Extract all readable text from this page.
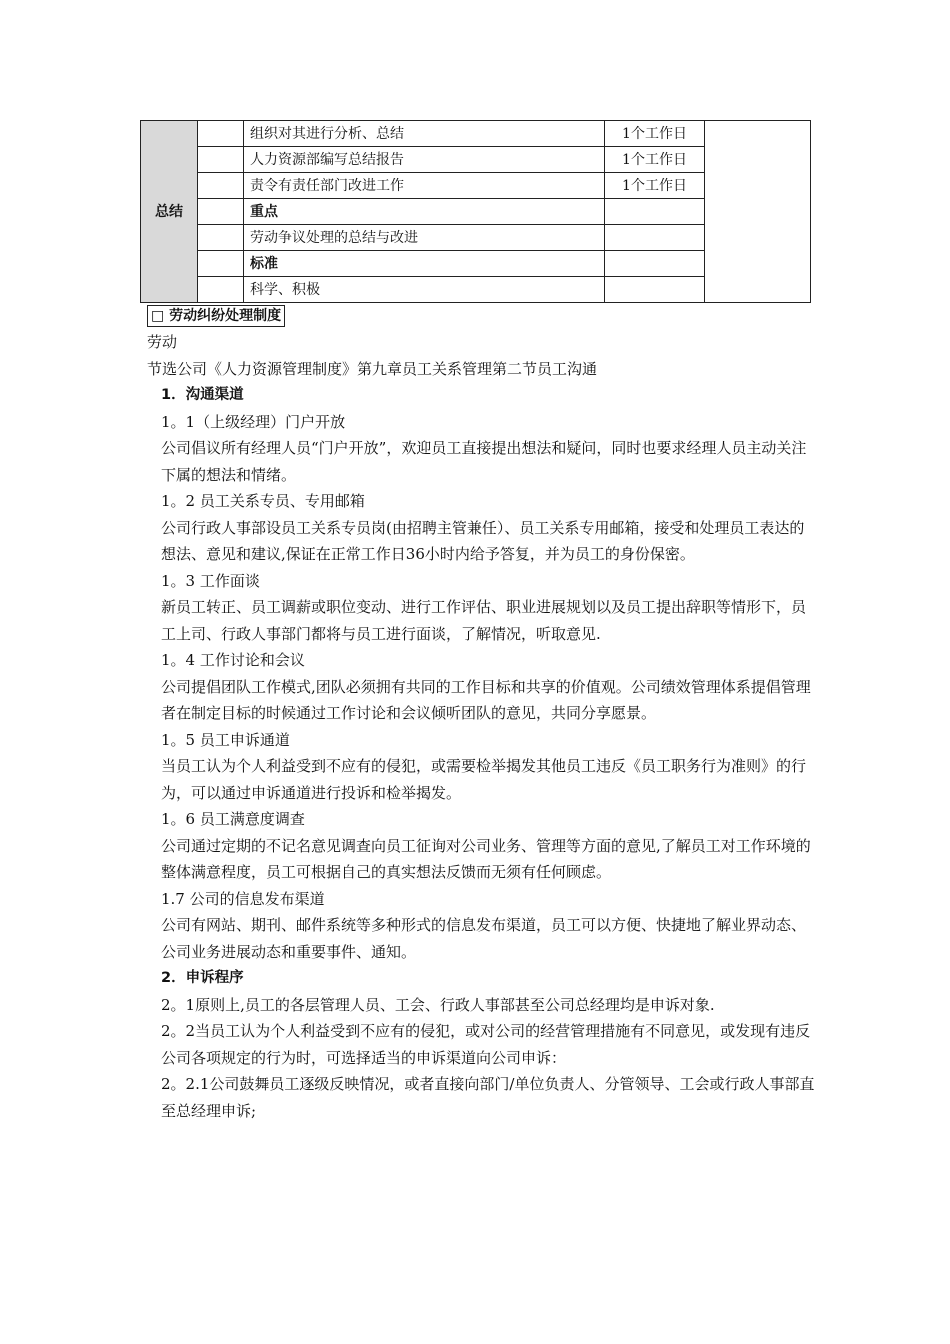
总结		组织对其进行分析、总结	1个工作日	
		人力资源部编写总结报告	1个工作日	
		责令有责任部门改进工作	1个工作日	
		重点		
		劳动争议处理的总结与改进		
		标准		
		科学、积极		

□ 劳动纠纷处理制度

劳动

节选公司《人力资源管理制度》第九章员工关系管理第二节员工沟通

1．沟通渠道

1。1（上级经理）门户开放

公司倡议所有经理人员“门户开放”，欢迎员工直接提出想法和疑问，同时也要求经理人员主动关注下属的想法和情绪。

1。2 员工关系专员、专用邮箱

公司行政人事部设员工关系专员岗(由招聘主管兼任）、员工关系专用邮箱，接受和处理员工表达的想法、意见和建议,保证在正常工作日36小时内给予答复，并为员工的身份保密。

1。3 工作面谈

新员工转正、员工调薪或职位变动、进行工作评估、职业进展规划以及员工提出辞职等情形下，员工上司、行政人事部门都将与员工进行面谈，了解情况，听取意见.

1。4 工作讨论和会议

公司提倡团队工作模式,团队必须拥有共同的工作目标和共享的价值观。公司绩效管理体系提倡管理者在制定目标的时候通过工作讨论和会议倾听团队的意见，共同分享愿景。

1。5 员工申诉通道

当员工认为个人利益受到不应有的侵犯，或需要检举揭发其他员工违反《员工职务行为准则》的行为，可以通过申诉通道进行投诉和检举揭发。

1。6 员工满意度调查

公司通过定期的不记名意见调查向员工征询对公司业务、管理等方面的意见,了解员工对工作环境的整体满意程度，员工可根据自己的真实想法反馈而无须有任何顾虑。

1.7 公司的信息发布渠道

公司有网站、期刊、邮件系统等多种形式的信息发布渠道，员工可以方便、快捷地了解业界动态、公司业务进展动态和重要事件、通知。

2．申诉程序

2。1原则上,员工的各层管理人员、工会、行政人事部甚至公司总经理均是申诉对象.

2。2当员工认为个人利益受到不应有的侵犯，或对公司的经营管理措施有不同意见，或发现有违反公司各项规定的行为时，可选择适当的申诉渠道向公司申诉：

2。2.1公司鼓舞员工逐级反映情况，或者直接向部门/单位负责人、分管领导、工会或行政人事部直至总经理申诉;
